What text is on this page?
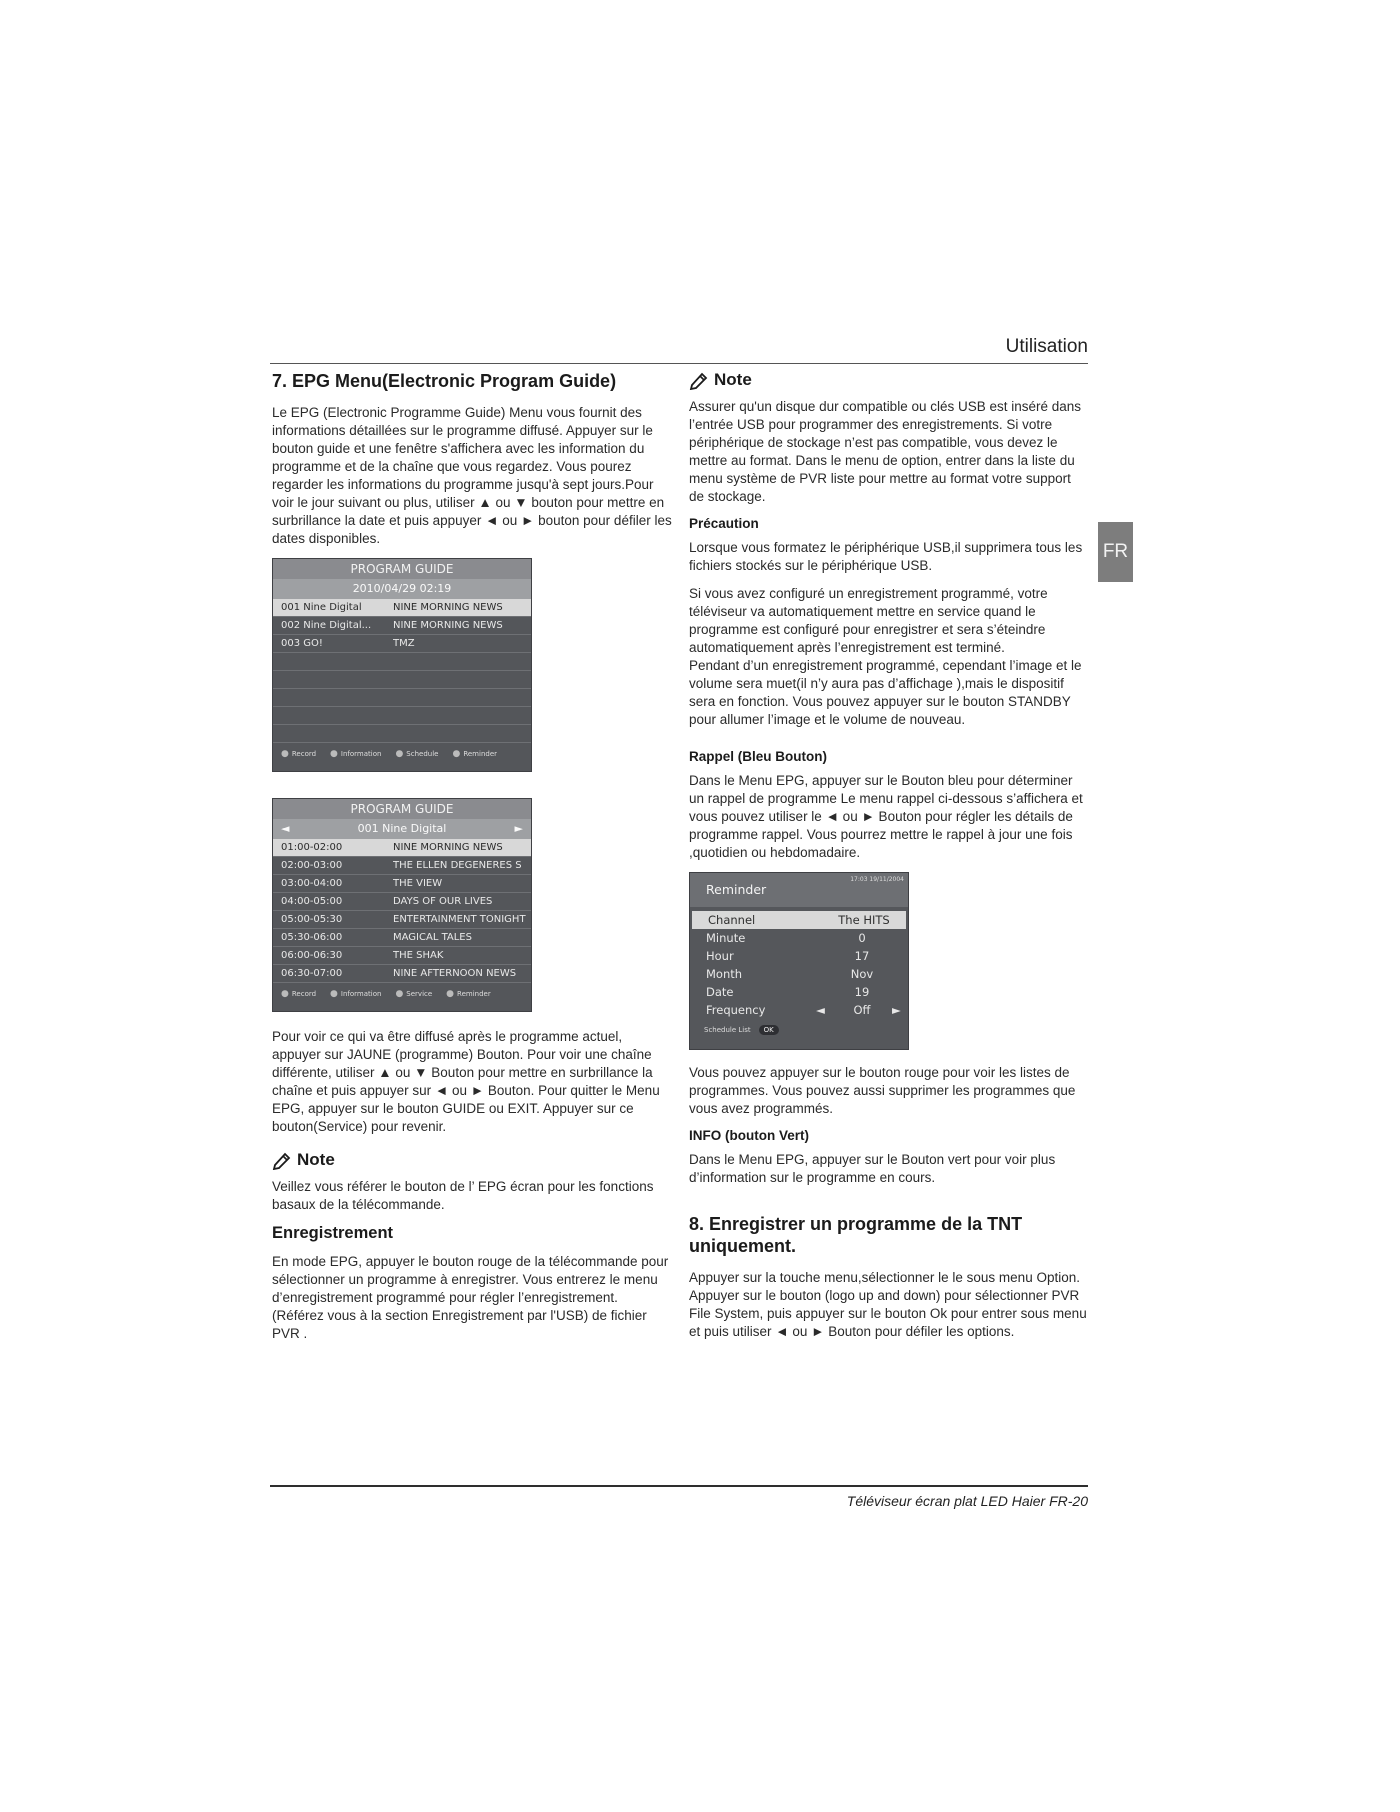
Utilisation
FR
7. EPG Menu(Electronic Program Guide)

Le EPG (Electronic Programme Guide) Menu vous fournit des informations détaillées sur le programme diffusé. Appuyer sur le bouton guide et une fenêtre s'affichera avec les information du programme et de la chaîne que vous regardez. Vous pourez regarder les informations du programme jusqu'à sept jours.Pour voir le jour suivant ou plus, utiliser ▲ ou ▼ bouton pour mettre en surbrillance la date et puis appuyer ◄ ou ► bouton pour défiler les dates disponibles.

PROGRAM GUIDE
2010/04/29 02:19
001 Nine Digital	NINE MORNING NEWS
002 Nine Digital...	NINE MORNING NEWS
003 GO!	TMZ
● Record	● Information	● Schedule	● Reminder
PROGRAM GUIDE
◄	001 Nine Digital	►
01:00-02:00	NINE MORNING NEWS
02:00-03:00	THE ELLEN DEGENERES S
03:00-04:00	THE VIEW
04:00-05:00	DAYS OF OUR LIVES
05:00-05:30	ENTERTAINMENT TONIGHT
05:30-06:00	MAGICAL TALES
06:00-06:30	THE SHAK
06:30-07:00	NINE AFTERNOON NEWS
● Record	● Information	● Service	● Reminder

Pour voir ce qui va être diffusé après le programme actuel, appuyer sur JAUNE (programme) Bouton. Pour voir une chaîne différente, utiliser ▲ ou ▼ Bouton pour mettre en surbrillance la chaîne et puis appuyer sur ◄ ou ► Bouton. Pour quitter le Menu EPG, appuyer sur le bouton GUIDE ou EXIT. Appuyer sur ce bouton(Service) pour revenir.

Note

Veillez vous référer le bouton de l’ EPG écran pour les fonctions basaux de la télécommande.

Enregistrement

En mode EPG, appuyer le bouton rouge de la télécommande pour sélectionner un programme à enregistrer. Vous entrerez le menu d’enregistrement programmé pour régler l’enregistrement. (Référez vous à la section Enregistrement par l'USB) de fichier PVR .

Note

Assurer qu'un disque dur compatible ou clés USB est inséré dans l’entrée USB pour programmer des enregistrements. Si votre périphérique de stockage n’est pas compatible, vous devez le mettre au format. Dans le menu de option, entrer dans la liste du menu système de PVR liste pour mettre au format votre support de stockage.

Précaution

Lorsque vous formatez le périphérique USB,il supprimera tous les fichiers stockés sur le périphérique USB.

Si vous avez configuré un enregistrement programmé, votre téléviseur va automatiquement mettre en service quand le programme est configuré pour enregistrer et sera s’éteindre automatiquement après l’enregistrement est terminé.

Pendant d’un enregistrement programmé, cependant l’image et le volume sera muet(il n’y aura pas d’affichage ),mais le dispositif sera en fonction. Vous pouvez appuyer sur le bouton STANDBY pour allumer l’image et le volume de nouveau.

Rappel (Bleu Bouton)

Dans le Menu EPG, appuyer sur le Bouton bleu pour déterminer un rappel de programme Le menu rappel ci-dessous s’affichera et vous pouvez utiliser le ◄ ou ► Bouton pour régler les détails de programme rappel. Vous pourrez mettre le rappel à jour une fois ,quotidien ou hebdomadaire.

Reminder
17:03 19/11/2004
Channel	The HITS
Minute	0
Hour	17
Month	Nov
Date	19
Frequency	◄	Off	►
Schedule List	OK

Vous pouvez appuyer sur le bouton rouge pour voir les listes de programmes. Vous pouvez aussi supprimer les programmes que vous avez programmés.

INFO (bouton Vert)

Dans le Menu EPG, appuyer sur le Bouton vert pour voir plus d’information sur le programme en cours.

8. Enregistrer un programme de la TNT uniquement.

Appuyer sur la touche menu,sélectionner le le sous menu Option. Appuyer sur le bouton (logo up and down) pour sélectionner PVR File System, puis appuyer sur le bouton Ok pour entrer sous menu et puis utiliser ◄ ou ► Bouton pour défiler les options.

Téléviseur écran plat LED Haier FR-20
